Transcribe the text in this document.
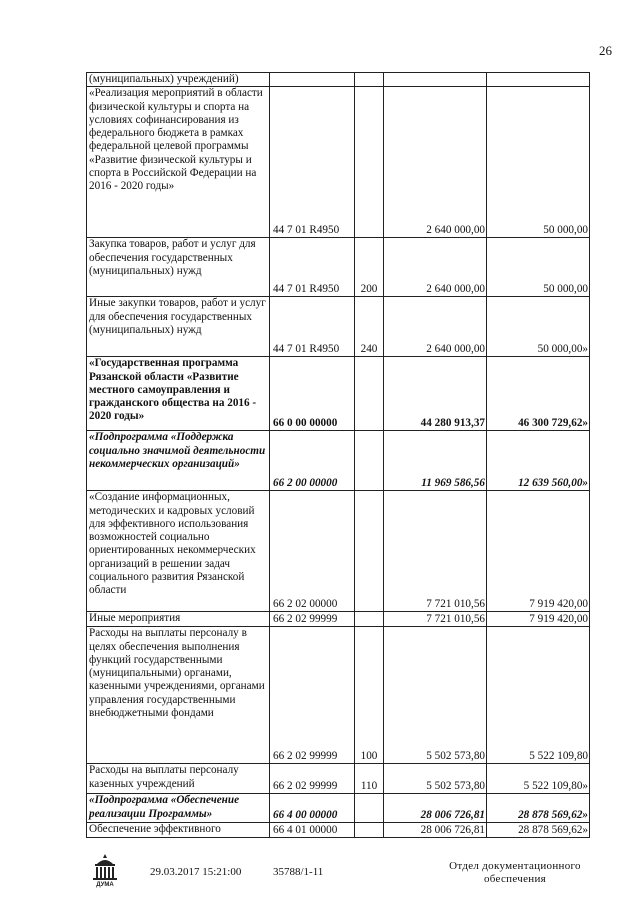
26
(муниципальных) учреждений)				
«Реализация мероприятий в области физической культуры и спорта на условиях софинансирования из федерального бюджета в рамках федеральной целевой программы «Развитие физической культуры и спорта в Российской Федерации на 2016 - 2020 годы»	44 7 01 R4950		2 640 000,00	50 000,00
Закупка товаров, работ и услуг для обеспечения государственных (муниципальных) нужд	44 7 01 R4950	200	2 640 000,00	50 000,00
Иные закупки товаров, работ и услуг для обеспечения государственных (муниципальных) нужд	44 7 01 R4950	240	2 640 000,00	50 000,00»
«Государственная программа Рязанской области «Развитие местного самоуправления и гражданского общества на 2016 - 2020 годы»	66 0 00 00000		44 280 913,37	46 300 729,62»
«Подпрограмма «Поддержка социально значимой деятельности некоммерческих организаций»	66 2 00 00000		11 969 586,56	12 639 560,00»
«Создание информационных, методических и кадровых условий для эффективного использования возможностей социально ориентированных некоммерческих организаций в решении задач социального развития Рязанской области	66 2 02 00000		7 721 010,56	7 919 420,00
Иные мероприятия	66 2 02 99999		7 721 010,56	7 919 420,00
Расходы на выплаты персоналу в целях обеспечения выполнения функций государственными (муниципальными) органами, казенными учреждениями, органами управления государственными внебюджетными фондами	66 2 02 99999	100	5 502 573,80	5 522 109,80
Расходы на выплаты персоналу казенных учреждений	66 2 02 99999	110	5 502 573,80	5 522 109,80»
«Подпрограмма «Обеспечение реализации Программы»	66 4 00 00000		28 006 726,81	28 878 569,62»
Обеспечение эффективного	66 4 01 00000		28 006 726,81	28 878 569,62»
ДУМА
29.03.2017 15:21:00	35788/1-11	Отдел документационного
обеспечения
